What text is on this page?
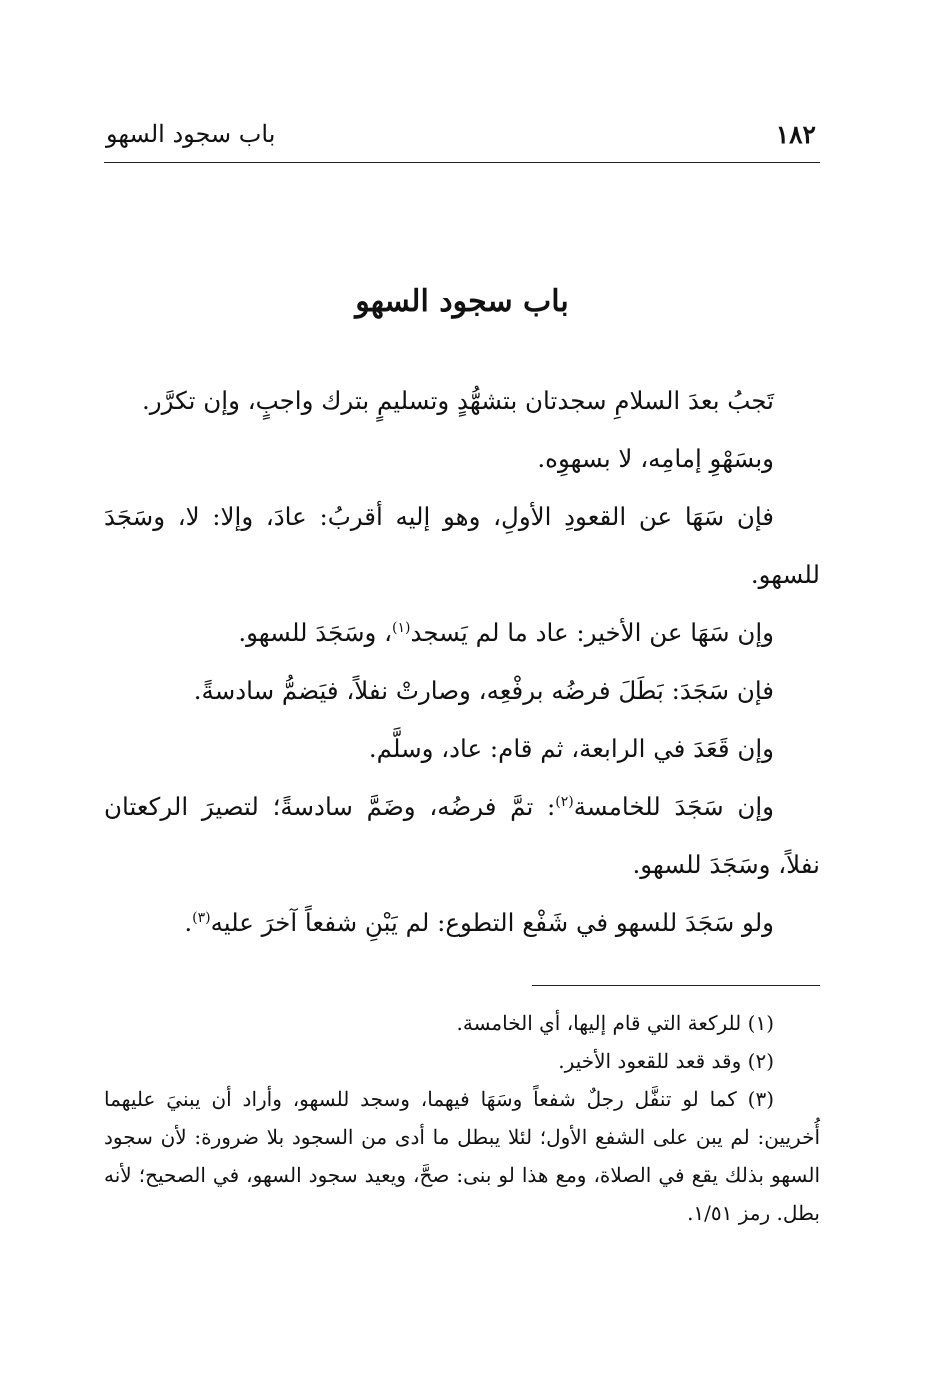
باب سجود السهو	١٨٢
باب سجود السهو

تَجبُ بعدَ السلامِ سجدتان بتشهُّدٍ وتسليمٍ بترك واجبٍ، وإن تكرَّر.

وبسَهْوِ إمامِه، لا بسهوِه.

فإن سَهَا عن القعودِ الأولِ، وهو إليه أقربُ: عادَ، وإلا: لا، وسَجَدَ للسهو.

وإن سَهَا عن الأخير: عاد ما لم يَسجد$^{(١)}$، وسَجَدَ للسهو.

فإن سَجَدَ: بَطَلَ فرضُه برفْعِه، وصارتْ نفلاً، فيَضمُّ سادسةً.

وإن قَعَدَ في الرابعة، ثم قام: عاد، وسلَّم.

وإن سَجَدَ للخامسة$^{(٢)}$: تمَّ فرضُه، وضَمَّ سادسةً؛ لتصيرَ الركعتان نفلاً، وسَجَدَ للسهو.

ولو سَجَدَ للسهو في شَفْع التطوع: لم يَبْنِ شفعاً آخرَ عليه$^{(٣)}$.

(١) للركعة التي قام إليها، أي الخامسة.

(٢) وقد قعد للقعود الأخير.

(٣) كما لو تنفَّل رجلٌ شفعاً وسَهَا فيهما، وسجد للسهو، وأراد أن يبنيَ عليهما أُخريين: لم يبن على الشفع الأول؛ لئلا يبطل ما أدى من السجود بلا ضرورة: لأن سجود السهو بذلك يقع في الصلاة، ومع هذا لو بنى: صحَّ، ويعيد سجود السهو، في الصحيح؛ لأنه بطل. رمز ١/٥١.
